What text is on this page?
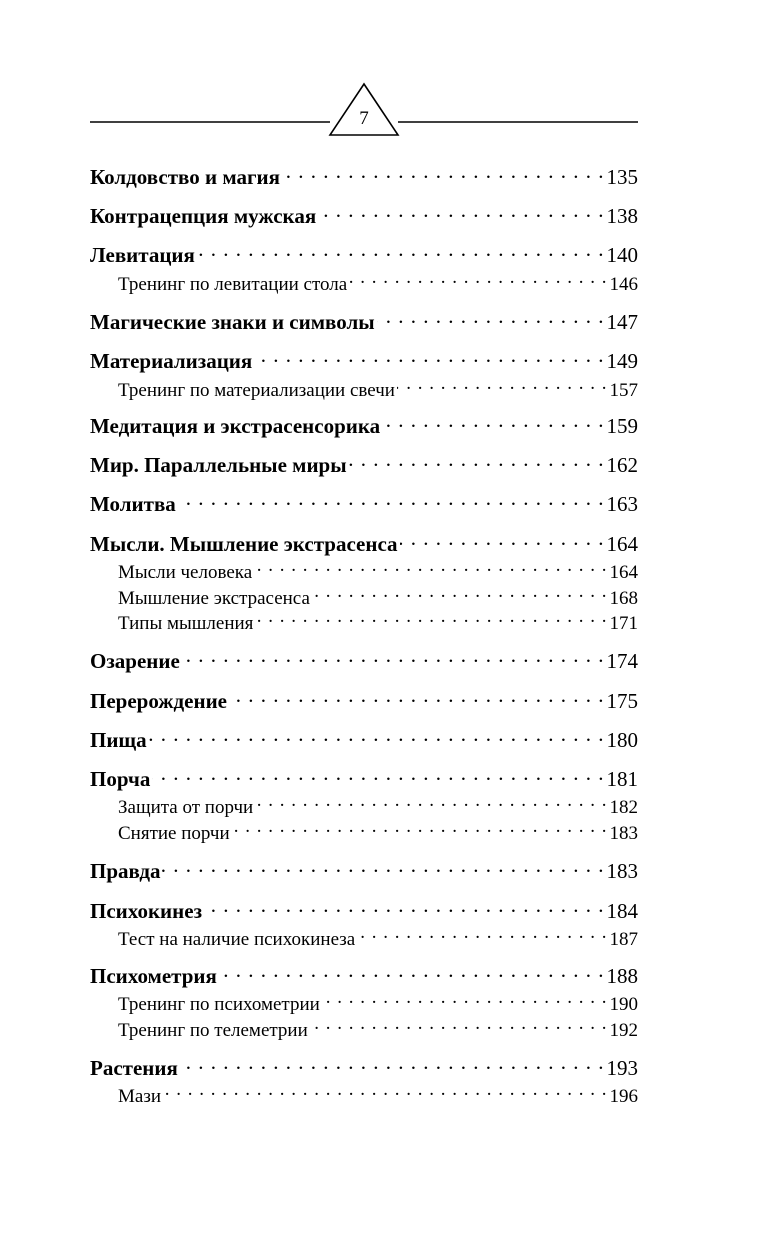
7
Колдовство и магия . . .	135
Контрацепция мужская . . .	138
Левитация . . .	140
Тренинг по левитации стола . . .	146
Магические знаки и символы . . .	147
Материализация . . .	149
Тренинг по материализации свечи . . .	157
Медитация и экстрасенсорика . . .	159
Мир. Параллельные миры . . .	162
Молитва . . .	163
Мысли. Мышление экстрасенса . . .	164
Мысли человека . . .	164
Мышление экстрасенса . . .	168
Типы мышления . . .	171
Озарение . . .	174
Перерождение . . .	175
Пища . . .	180
Порча . . .	181
Защита от порчи . . .	182
Снятие порчи . . .	183
Правда . . .	183
Психокинез . . .	184
Тест на наличие психокинеза . . .	187
Психометрия . . .	188
Тренинг по психометрии . . .	190
Тренинг по телеметрии . . .	192
Растения . . .	193
Мази . . .	196
